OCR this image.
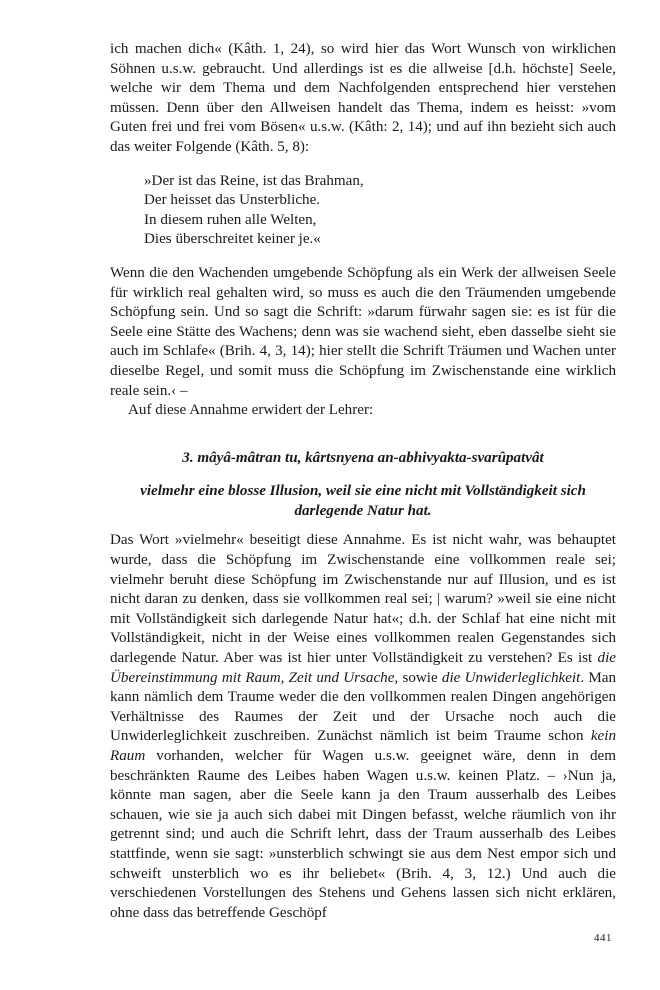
ich machen dich« (Kâth. 1, 24), so wird hier das Wort Wunsch von wirklichen Söhnen u.s.w. gebraucht. Und allerdings ist es die allweise [d.h. höchste] Seele, welche wir dem Thema und dem Nachfolgenden entsprechend hier verstehen müssen. Denn über den Allweisen handelt das Thema, indem es heisst: »vom Guten frei und frei vom Bösen« u.s.w. (Kâth: 2, 14); und auf ihn bezieht sich auch das weiter Folgende (Kâth. 5, 8):

»Der ist das Reine, ist das Brahman,
Der heisset das Unsterbliche.
In diesem ruhen alle Welten,
Dies überschreitet keiner je.«

Wenn die den Wachenden umgebende Schöpfung als ein Werk der allweisen Seele für wirklich real gehalten wird, so muss es auch die den Träumenden umgebende Schöpfung sein. Und so sagt die Schrift: »darum fürwahr sagen sie: es ist für die Seele eine Stätte des Wachens; denn was sie wachend sieht, eben dasselbe sieht sie auch im Schlafe« (Brih. 4, 3, 14); hier stellt die Schrift Träumen und Wachen unter dieselbe Regel, und somit muss die Schöpfung im Zwischenstande eine wirklich reale sein.‹ –

Auf diese Annahme erwidert der Lehrer:

3. mâyâ-mâtran tu, kârtsnyena an-abhivyakta-svarûpatvât
vielmehr eine blosse Illusion, weil sie eine nicht mit Vollständigkeit sich darlegende Natur hat.

Das Wort »vielmehr« beseitigt diese Annahme. Es ist nicht wahr, was behauptet wurde, dass die Schöpfung im Zwischenstande eine vollkommen reale sei; vielmehr beruht diese Schöpfung im Zwischenstande nur auf Illusion, und es ist nicht daran zu denken, dass sie vollkommen real sei; | warum? »weil sie eine nicht mit Vollständigkeit sich darlegende Natur hat«; d.h. der Schlaf hat eine nicht mit Vollständigkeit, nicht in der Weise eines vollkommen realen Gegenstandes sich darlegende Natur. Aber was ist hier unter Vollständigkeit zu verstehen? Es ist die Übereinstimmung mit Raum, Zeit und Ursache, sowie die Unwiderleglichkeit. Man kann nämlich dem Traume weder die den vollkommen realen Dingen angehörigen Verhältnisse des Raumes der Zeit und der Ursache noch auch die Unwiderleglichkeit zuschreiben. Zunächst nämlich ist beim Traume schon kein Raum vorhanden, welcher für Wagen u.s.w. geeignet wäre, denn in dem beschränkten Raume des Leibes haben Wagen u.s.w. keinen Platz. – ›Nun ja, könnte man sagen, aber die Seele kann ja den Traum ausserhalb des Leibes schauen, wie sie ja auch sich dabei mit Dingen befasst, welche räumlich von ihr getrennt sind; und auch die Schrift lehrt, dass der Traum ausserhalb des Leibes stattfinde, wenn sie sagt: »unsterblich schwingt sie aus dem Nest empor sich und schweift unsterblich wo es ihr beliebet« (Brih. 4, 3, 12.) Und auch die verschiedenen Vorstellungen des Stehens und Gehens lassen sich nicht erklären, ohne dass das betreffende Geschöpf

441
